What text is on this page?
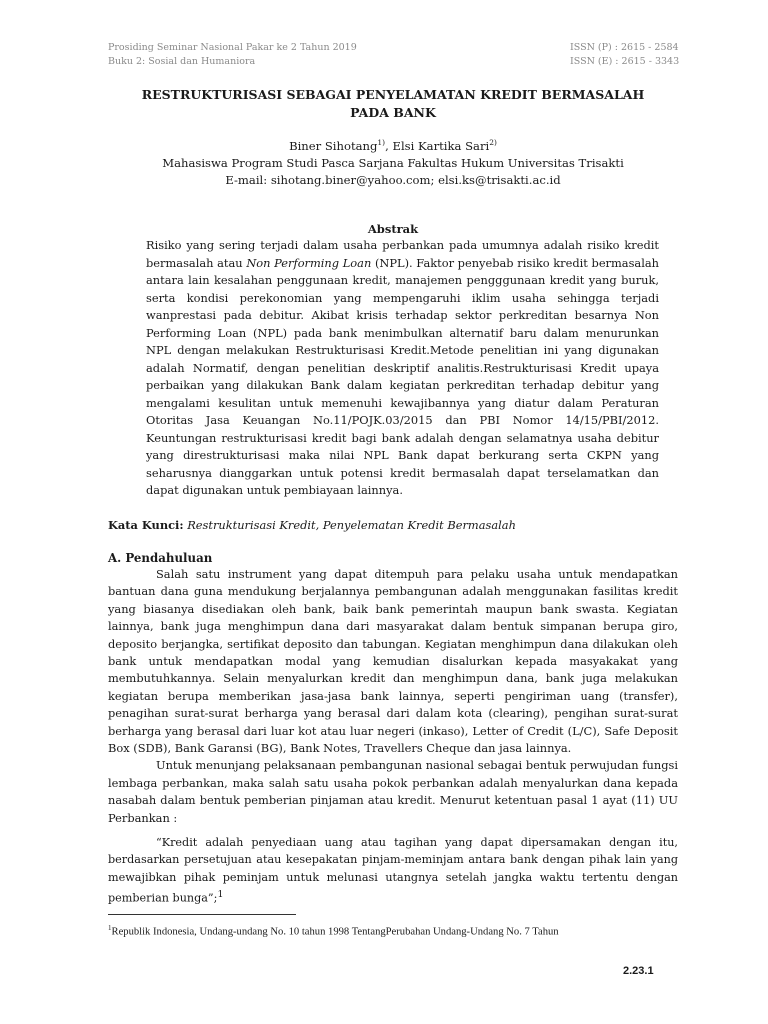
Prosiding Seminar Nasional Pakar ke 2 Tahun 2019
Buku 2: Sosial dan Humaniora
ISSN (P) : 2615 - 2584
ISSN (E) : 2615 - 3343
RESTRUKTURISASI SEBAGAI PENYELAMATAN KREDIT BERMASALAH
PADA BANK
Biner Sihotang$^{1)}$, Elsi Kartika Sari$^{2)}$
Mahasiswa Program Studi Pasca Sarjana Fakultas Hukum Universitas Trisakti
E-mail: sihotang.biner@yahoo.com; elsi.ks@trisakti.ac.id
Abstrak

Risiko yang sering terjadi dalam usaha perbankan pada umumnya adalah risiko kredit bermasalah atau Non Performing Loan (NPL). Faktor penyebab risiko kredit bermasalah antara lain kesalahan penggunaan kredit, manajemen pengggunaan kredit yang buruk, serta kondisi perekonomian yang mempengaruhi iklim usaha sehingga terjadi wanprestasi pada debitur. Akibat krisis terhadap sektor perkreditan besarnya Non Performing Loan (NPL) pada bank menimbulkan alternatif baru dalam menurunkan NPL dengan melakukan Restrukturisasi Kredit.Metode penelitian ini yang digunakan adalah Normatif, dengan penelitian deskriptif analitis.Restrukturisasi Kredit upaya perbaikan yang dilakukan Bank dalam kegiatan perkreditan terhadap debitur yang mengalami kesulitan untuk memenuhi kewajibannya yang diatur dalam Peraturan Otoritas Jasa Keuangan No.11/POJK.03/2015 dan PBI Nomor 14/15/PBI/2012. Keuntungan restrukturisasi kredit bagi bank adalah dengan selamatnya usaha debitur yang direstrukturisasi maka nilai NPL Bank dapat berkurang serta CKPN yang seharusnya dianggarkan untuk potensi kredit bermasalah dapat terselamatkan dan dapat digunakan untuk pembiayaan lainnya.

Kata Kunci: Restrukturisasi Kredit, Penyelematan Kredit Bermasalah
A. Pendahuluan

Salah satu instrument yang dapat ditempuh para pelaku usaha untuk mendapatkan bantuan dana guna mendukung berjalannya pembangunan adalah menggunakan fasilitas kredit yang biasanya disediakan oleh bank, baik bank pemerintah maupun bank swasta. Kegiatan lainnya, bank juga menghimpun dana dari masyarakat dalam bentuk simpanan berupa giro, deposito berjangka, sertifikat deposito dan tabungan. Kegiatan menghimpun dana dilakukan oleh bank untuk mendapatkan modal yang kemudian disalurkan kepada masyakakat yang membutuhkannya. Selain menyalurkan kredit dan menghimpun dana, bank juga melakukan kegiatan berupa memberikan jasa-jasa bank lainnya, seperti pengiriman uang (transfer), penagihan surat-surat berharga yang berasal dari dalam kota (clearing), pengihan surat-surat berharga yang berasal dari luar kot atau luar negeri (inkaso), Letter of Credit (L/C), Safe Deposit Box (SDB), Bank Garansi (BG), Bank Notes, Travellers Cheque dan jasa lainnya.

Untuk menunjang pelaksanaan pembangunan nasional sebagai bentuk perwujudan fungsi lembaga perbankan, maka salah satu usaha pokok perbankan adalah menyalurkan dana kepada nasabah dalam bentuk pemberian pinjaman atau kredit. Menurut ketentuan pasal 1 ayat (11) UU Perbankan :

“Kredit adalah penyediaan uang atau tagihan yang dapat dipersamakan dengan itu, berdasarkan persetujuan atau kesepakatan pinjam-meminjam antara bank dengan pihak lain yang mewajibkan pihak peminjam untuk melunasi utangnya setelah jangka waktu tertentu dengan pemberian bunga”;$^1$

$^1$Republik Indonesia, Undang-undang No. 10 tahun 1998 TentangPerubahan Undang-Undang No. 7 Tahun
2.23.1
